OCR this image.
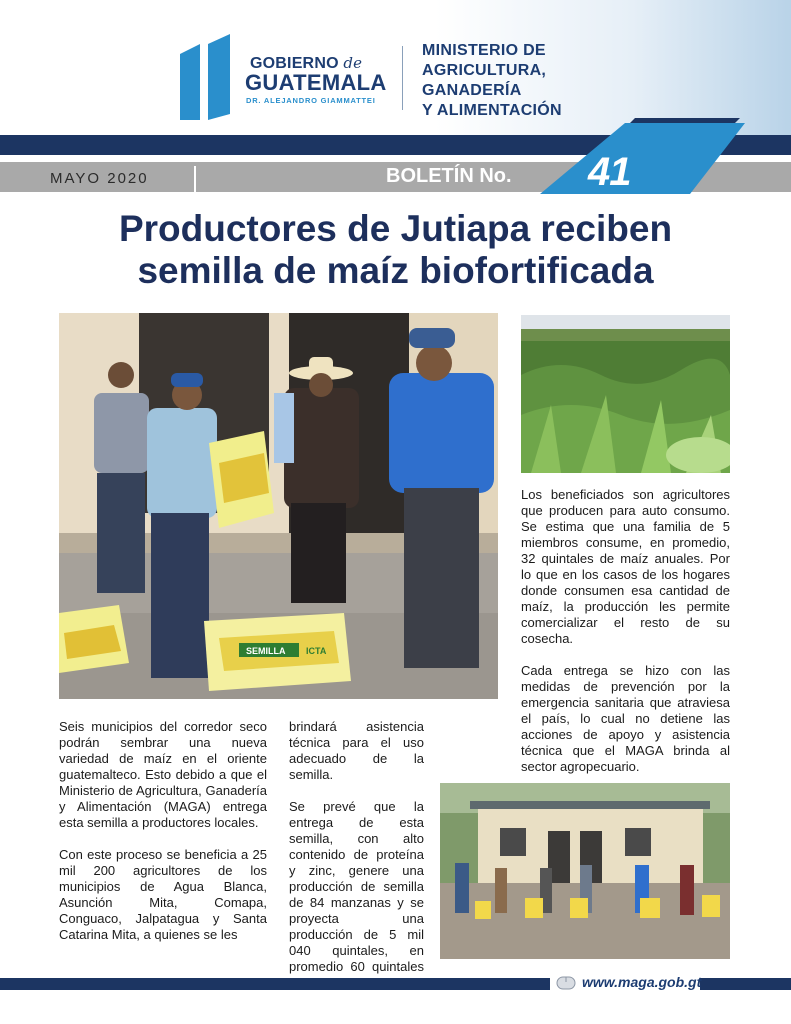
GOBIERNO de
GUATEMALA
DR. ALEJANDRO GIAMMATTEI
MINISTERIO DE
AGRICULTURA,
GANADERÍA
Y ALIMENTACIÓN
MAYO 2020	BOLETÍN No. 41
Productores de Jutiapa reciben
semilla de maíz biofortificada
SEMILLA ICTA

Seis municipios del corredor seco podrán sembrar una nueva variedad de maíz en el oriente guatemalteco. Esto debido a que el Ministerio de Agricultura, Ganadería y Alimentación (MAGA) entrega esta semilla a productores locales.

Con este proceso se beneficia a 25 mil 200 agricultores de los municipios de Agua Blanca, Asunción Mita, Comapa, Conguaco, Jalpatagua y Santa Catarina Mita, a quienes se les

brindará asistencia técnica para el uso adecuado de la semilla.

Se prevé que la entrega de esta semilla, con alto contenido de proteína y zinc, genere una producción de semilla de 84 manzanas y se proyecta una producción de 5 mil 040 quintales, en promedio 60 quintales

Los beneficiados son agricultores que producen para auto consumo. Se estima que una familia de 5 miembros consume, en promedio, 32 quintales de maíz anuales. Por lo que en los casos de los hogares donde consumen esa cantidad de maíz, la producción les permite comercializar el resto de su cosecha.

Cada entrega se hizo con las medidas de prevención por la emergencia sanitaria que atraviesa el país, lo cual no detiene las acciones de apoyo y asistencia técnica que el MAGA brinda al sector agropecuario.

www.maga.gob.gt
